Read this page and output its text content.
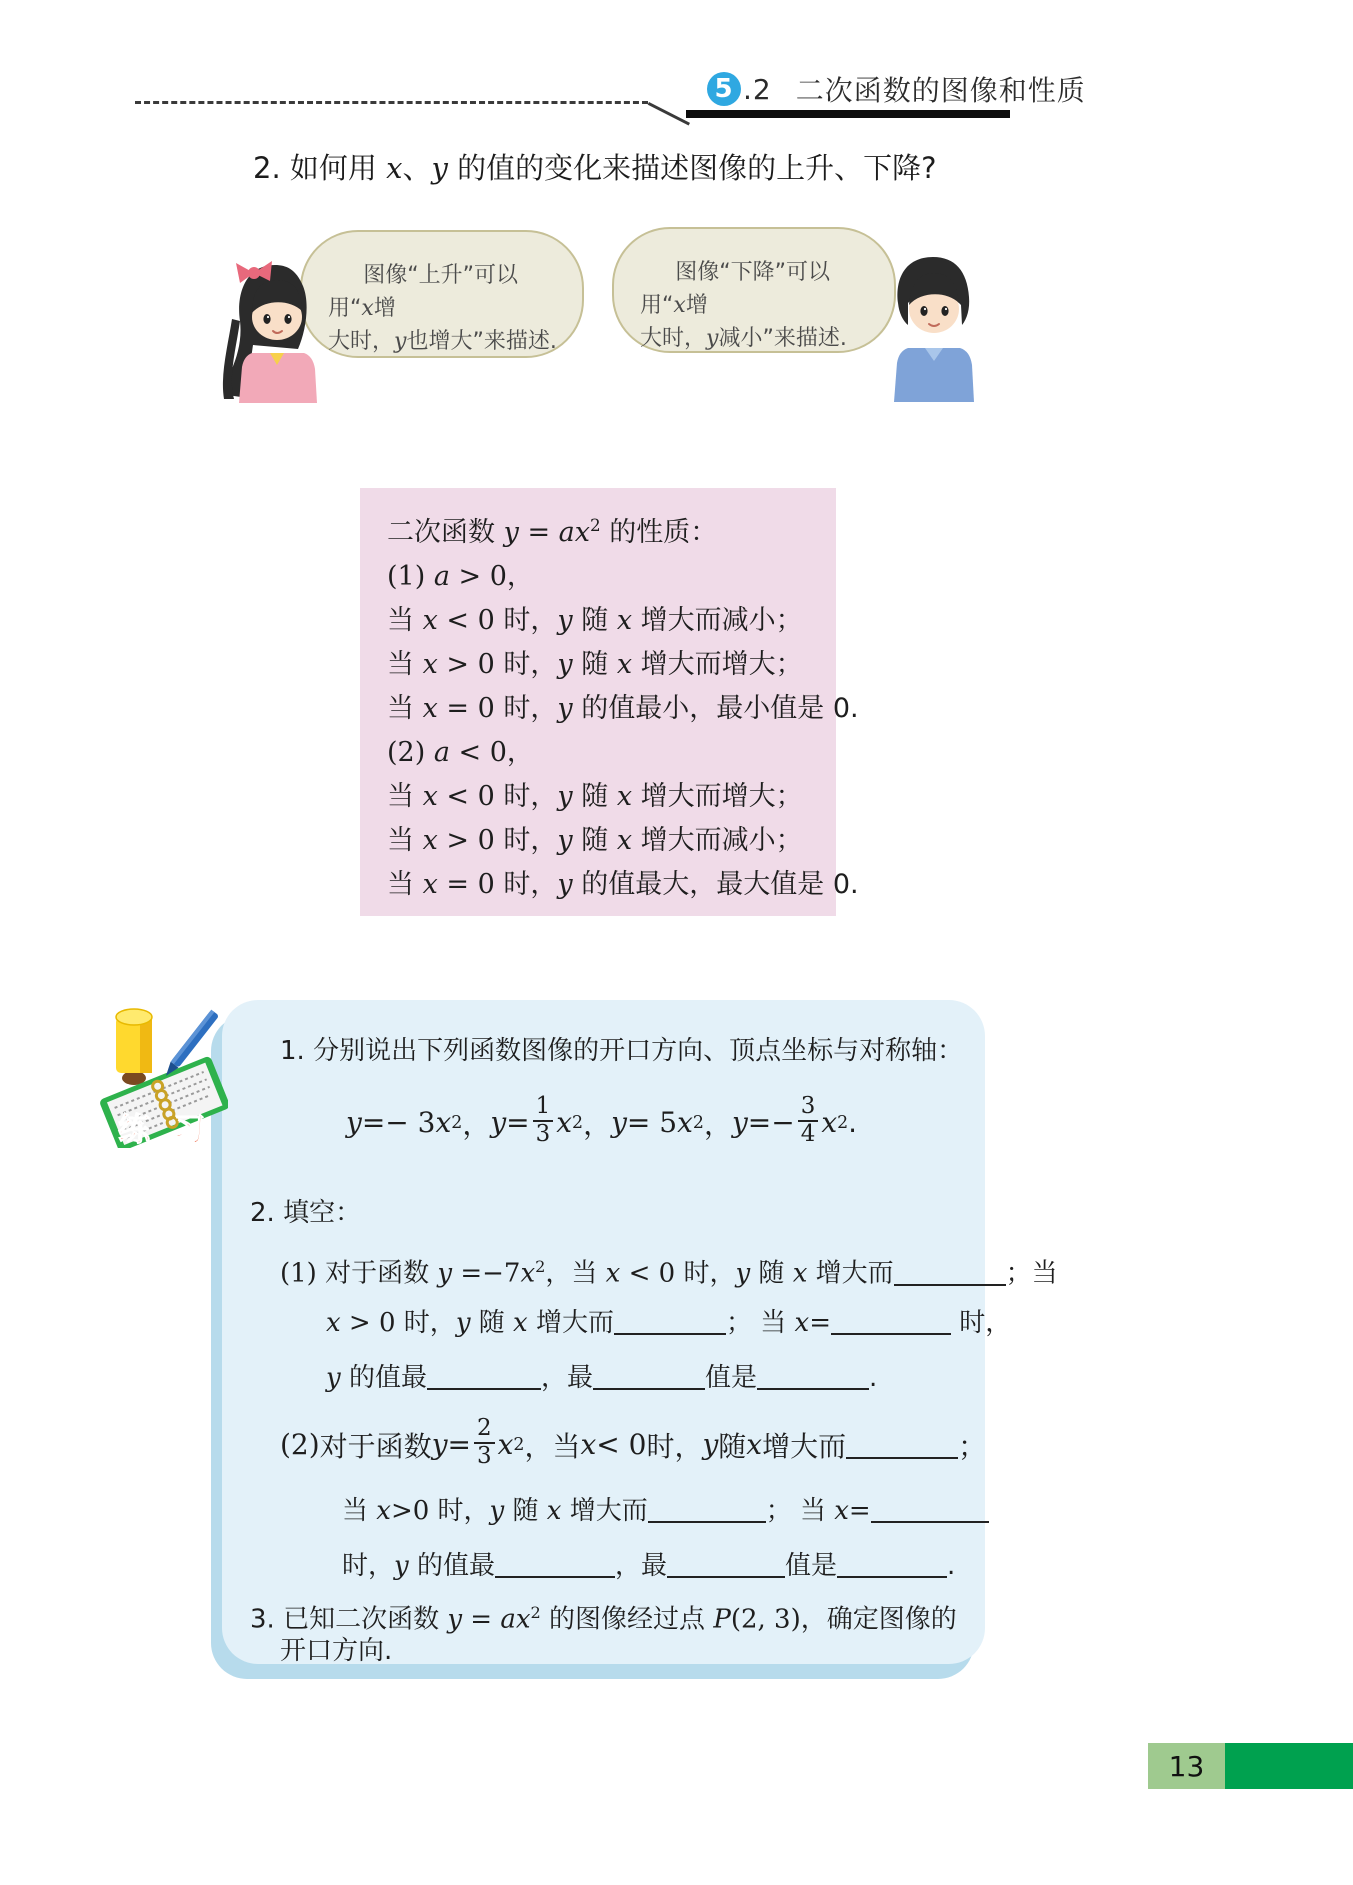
5 .2 二次函数的图像和性质
2. 如何用 x、y 的值的变化来描述图像的上升、下降?

图像“上升”可以用“x增
大时，y也增大”来描述.

图像“下降”可以用“x增
大时，y减小”来描述.

二次函数 $y = ax^2$ 的性质：
(1) a > 0，
当 x < 0 时，y 随 x 增大而减小；
当 x > 0 时，y 随 x 增大而增大；
当 x = 0 时，y 的值最小，最小值是 0.
(2) a < 0，
当 x < 0 时，y 随 x 增大而增大；
当 x > 0 时，y 随 x 增大而减小；
当 x = 0 时，y 的值最大，最大值是 0.
练 习
1. 分别说出下列函数图像的开口方向、顶点坐标与对称轴：
y =− 3 x 2 ， $y = \frac{1}{3}$ x 2 ， y = 5 x 2 ， $y =- \frac{3}{4}$ x 2 .
2. 填空：
(1) 对于函数 $y =-7x^2$，当 x < 0 时，y 随 x 增大而	；当
x > 0 时，y 随 x 增大而	； 当 x=	时，
y 的值最	，最	值是	.
(2) 对于函数 $y = \frac{2}{3}$ x 2 ，当 x < 0 时， y 随 x 增大而	；
当 x>0 时，y 随 x 增大而	； 当 x=
时，y 的值最	，最	值是	.
3. 已知二次函数 $y = ax^2$ 的图像经过点 P(2, 3)，确定图像的
开口方向.
13
